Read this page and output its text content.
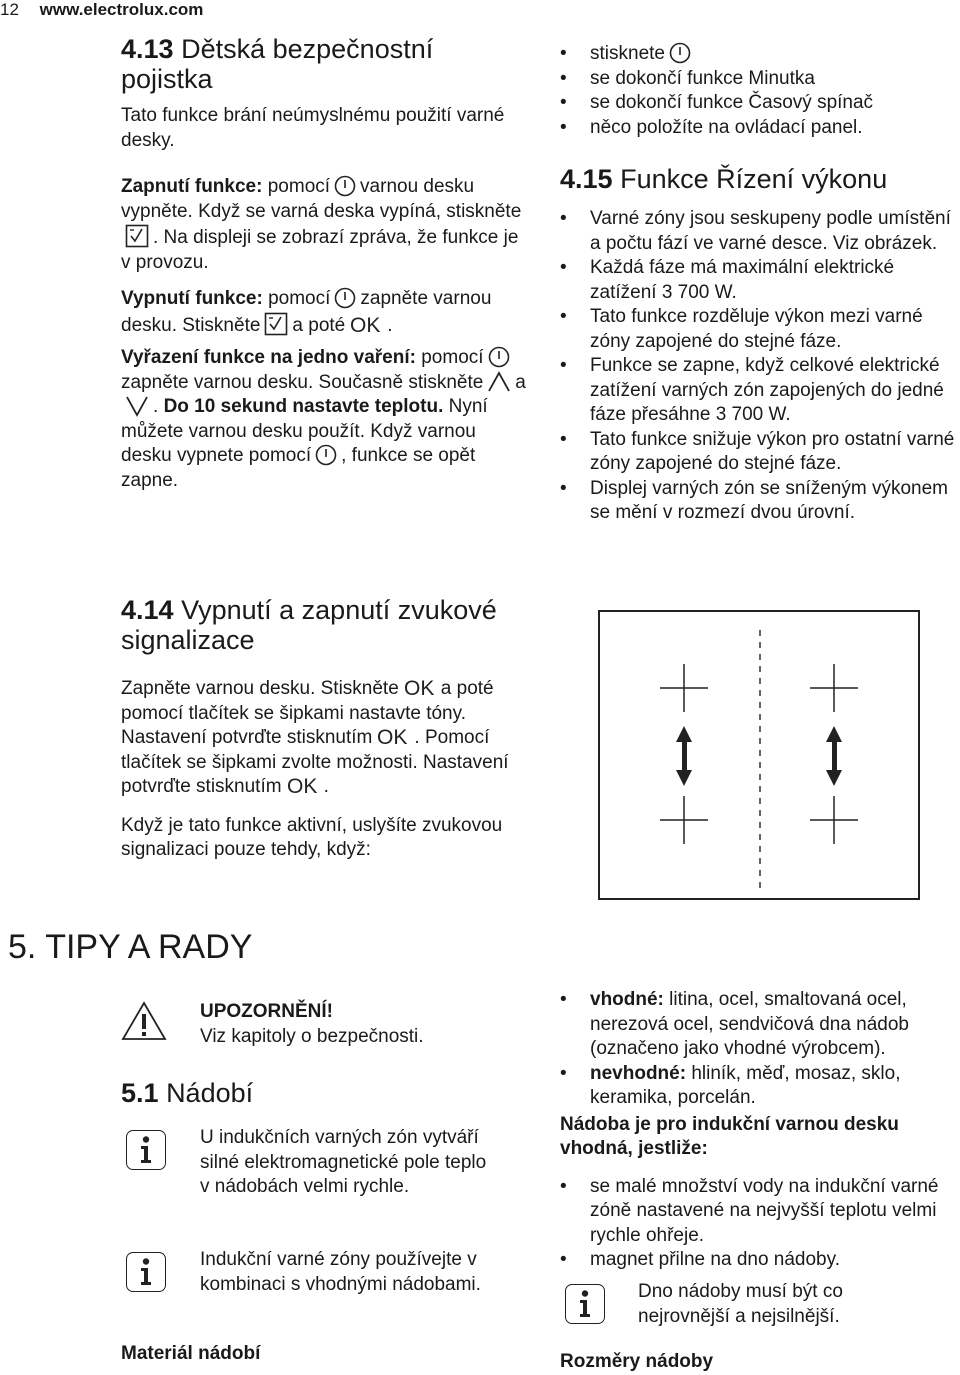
12 www.electrolux.com
4.13 Dětská bezpečnostní
pojistka

Tato funkce brání neúmyslnému použití varné desky.

Zapnutí funkce: pomocí varnou desku vypněte. Když se varná deska vypíná, stiskněte. Na displeji se zobrazí zpráva, že funkce je v provozu.

Vypnutí funkce: pomocí zapněte varnou desku. Stiskněte a poté OK .

Vyřazení funkce na jedno vaření: pomocízapněte varnou desku. Současně stiskněte a. Do 10 sekund nastavte teplotu. Nyní můžete varnou desku použít. Když varnou desku vypnete pomocí , funkce se opět zapne.

4.14 Vypnutí a zapnutí zvukové
signalizace

Zapněte varnou desku. Stiskněte OK a poté pomocí tlačítek se šipkami nastavte tóny. Nastavení potvrďte stisknutím OK . Pomocí tlačítek se šipkami zvolte možnosti. Nastavení potvrďte stisknutím OK .

Když je tato funkce aktivní, uslyšíte zvukovou signalizaci pouze tehdy, když:

• stisknete
• se dokončí funkce Minutka
• se dokončí funkce Časový spínač
• něco položíte na ovládací panel.
4.15 Funkce Řízení výkonu
• Varné zóny jsou seskupeny podle umístění a počtu fází ve varné desce. Viz obrázek.
• Každá fáze má maximální elektrické zatížení 3 700 W.
• Tato funkce rozděluje výkon mezi varné zóny zapojené do stejné fáze.
• Funkce se zapne, když celkové elektrické zatížení varných zón zapojených do jedné fáze přesáhne 3 700 W.
• Tato funkce snižuje výkon pro ostatní varné zóny zapojené do stejné fáze.
• Displej varných zón se sníženým výkonem se mění v rozmezí dvou úrovní.
5. TIPY A RADY

UPOZORNĚNÍ!

Viz kapitoly o bezpečnosti.

5.1 Nádobí

U indukčních varných zón vytváří silné elektromagnetické pole teplo v nádobách velmi rychle.

Indukční varné zóny používejte v kombinaci s vhodnými nádobami.

Materiál nádobí

• vhodné: litina, ocel, smaltovaná ocel, nerezová ocel, sendvičová dna nádob (označeno jako vhodné výrobcem).
• nevhodné: hliník, měď, mosaz, sklo, keramika, porcelán.

Nádoba je pro indukční varnou desku vhodná, jestliže:

• se malé množství vody na indukční varné zóně nastavené na nejvyšší teplotu velmi rychle ohřeje.
• magnet přilne na dno nádoby.

Dno nádoby musí být co nejrovnější a nejsilnější.

Rozměry nádoby
